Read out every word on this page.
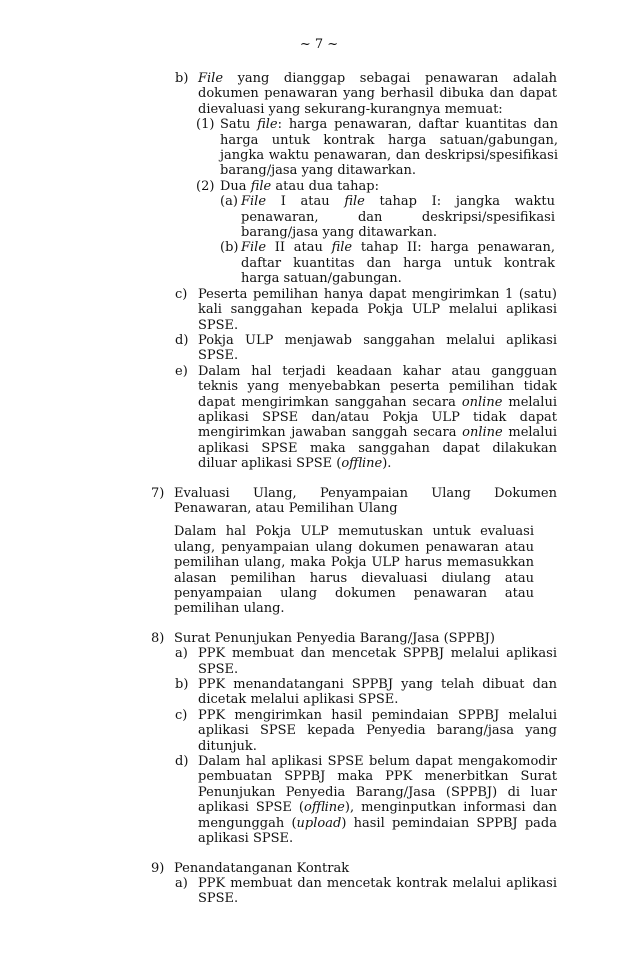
~ 7 ~
b) File yang dianggap sebagai penawaran adalah dokumen penawaran yang berhasil dibuka dan dapat dievaluasi yang sekurang-kurangnya memuat:

(1) Satu file: harga penawaran, daftar kuantitas dan harga untuk kontrak harga satuan/gabungan, jangka waktu penawaran, dan deskripsi/spesifikasi barang/jasa yang ditawarkan.

(2) Dua file atau dua tahap:

(a) File I atau file tahap I: jangka waktu penawaran, dan deskripsi/spesifikasi barang/jasa yang ditawarkan.

(b) File II atau file tahap II: harga penawaran, daftar kuantitas dan harga untuk kontrak harga satuan/gabungan.

c) Peserta pemilihan hanya dapat mengirimkan 1 (satu) kali sanggahan kepada Pokja ULP melalui aplikasi SPSE.

d) Pokja ULP menjawab sanggahan melalui aplikasi SPSE.

e) Dalam hal terjadi keadaan kahar atau gangguan teknis yang menyebabkan peserta pemilihan tidak dapat mengirimkan sanggahan secara online melalui aplikasi SPSE dan/atau Pokja ULP tidak dapat mengirimkan jawaban sanggah secara online melalui aplikasi SPSE maka sanggahan dapat dilakukan diluar aplikasi SPSE (offline).

7) Evaluasi Ulang, Penyampaian Ulang Dokumen Penawaran, atau Pemilihan Ulang

Dalam hal Pokja ULP memutuskan untuk evaluasi ulang, penyampaian ulang dokumen penawaran atau pemilihan ulang, maka Pokja ULP harus memasukkan alasan pemilihan harus dievaluasi diulang atau penyampaian ulang dokumen penawaran atau pemilihan ulang.

8) Surat Penunjukan Penyedia Barang/Jasa (SPPBJ)

a) PPK membuat dan mencetak SPPBJ melalui aplikasi SPSE.

b) PPK menandatangani SPPBJ yang telah dibuat dan dicetak melalui aplikasi SPSE.

c) PPK mengirimkan hasil pemindaian SPPBJ melalui aplikasi SPSE kepada Penyedia barang/jasa yang ditunjuk.

d) Dalam hal aplikasi SPSE belum dapat mengakomodir pembuatan SPPBJ maka PPK menerbitkan Surat Penunjukan Penyedia Barang/Jasa (SPPBJ) di luar aplikasi SPSE (offline), menginputkan informasi dan mengunggah (upload) hasil pemindaian SPPBJ pada aplikasi SPSE.

9) Penandatanganan Kontrak

a) PPK membuat dan mencetak kontrak melalui aplikasi SPSE.
